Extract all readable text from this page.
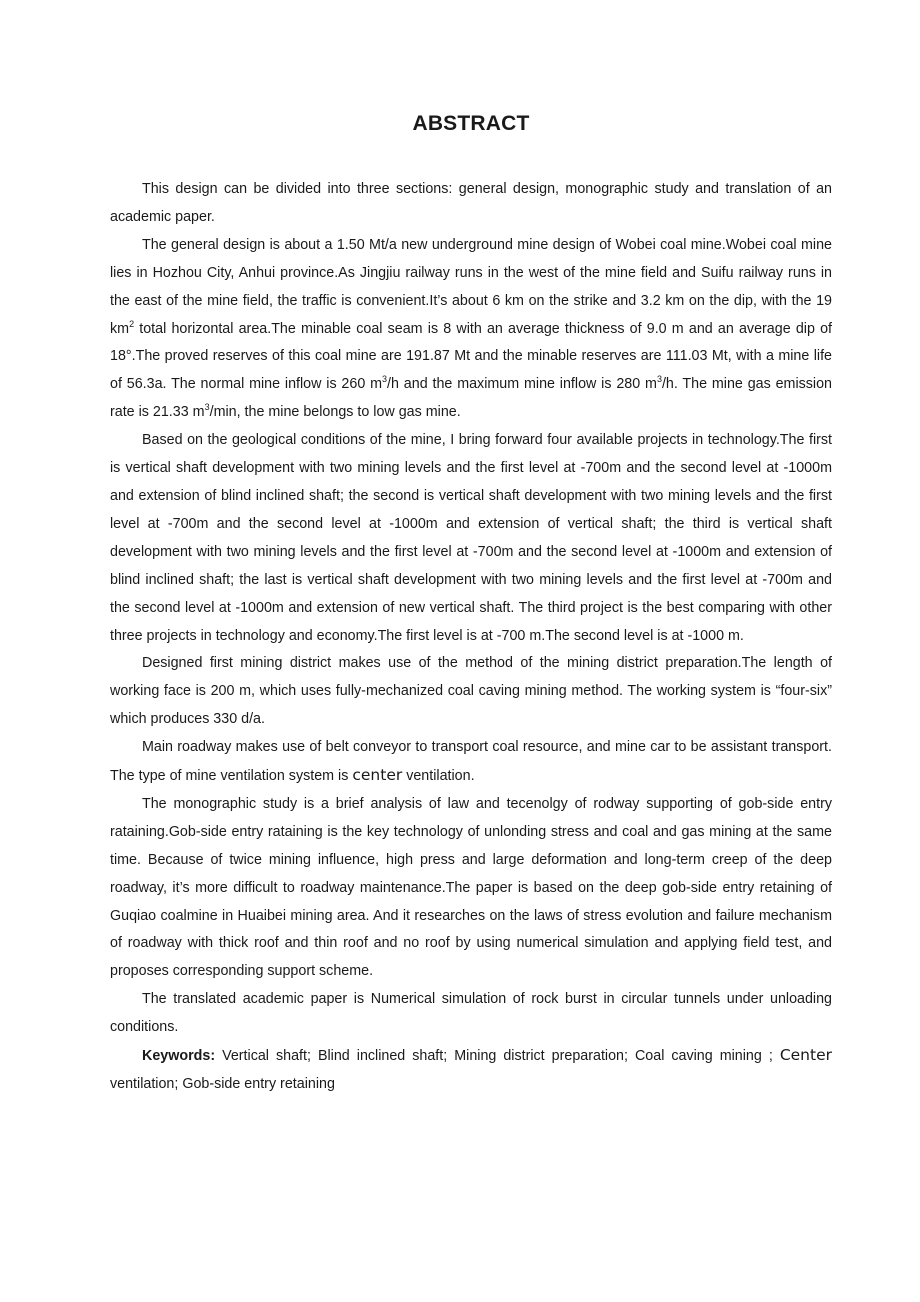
ABSTRACT

This design can be divided into three sections: general design, monographic study and translation of an academic paper.

The general design is about a 1.50 Mt/a new underground mine design of Wobei coal mine.Wobei coal mine lies in Hozhou City, Anhui province.As Jingjiu railway runs in the west of the mine field and Suifu railway runs in the east of the mine field, the traffic is convenient.It’s about 6 km on the strike and 3.2 km on the dip, with the 19 $km^2$ total horizontal area.The minable coal seam is 8 with an average thickness of 9.0 m and an average dip of 18°.The proved reserves of this coal mine are 191.87 Mt and the minable reserves are 111.03 Mt, with a mine life of 56.3a. The normal mine inflow is 260 $m^3/h$ and the maximum mine inflow is 280 $m^3/h$. The mine gas emission rate is 21.33 $m^3/\min$, the mine belongs to low gas mine.

Based on the geological conditions of the mine, I bring forward four available projects in technology.The first is vertical shaft development with two mining levels and the first level at -700m and the second level at -1000m and extension of blind inclined shaft; the second is vertical shaft development with two mining levels and the first level at -700m and the second level at -1000m and extension of vertical shaft; the third is vertical shaft development with two mining levels and the first level at -700m and the second level at -1000m and extension of blind inclined shaft; the last is vertical shaft development with two mining levels and the first level at -700m and the second level at -1000m and extension of new vertical shaft. The third project is the best comparing with other three projects in technology and economy.The first level is at -700 m.The second level is at -1000 m.

Designed first mining district makes use of the method of the mining district preparation.The length of working face is 200 m, which uses fully-mechanized coal caving mining method. The working system is “four-six” which produces 330 d/a.

Main roadway makes use of belt conveyor to transport coal resource, and mine car to be assistant transport. The type of mine ventilation system is center ventilation.

The monographic study is a brief analysis of law and tecenolgy of rodway supporting of gob-side entry rataining.Gob-side entry rataining is the key technology of unlonding stress and coal and gas mining at the same time. Because of twice mining influence, high press and large deformation and long-term creep of the deep roadway, it’s more difficult to roadway maintenance.The paper is based on the deep gob-side entry retaining of Guqiao coalmine in Huaibei mining area. And it researches on the laws of stress evolution and failure mechanism of roadway with thick roof and thin roof and no roof by using numerical simulation and applying field test, and proposes corresponding support scheme.

The translated academic paper is Numerical simulation of rock burst in circular tunnels under unloading conditions.

Keywords: Vertical shaft; Blind inclined shaft; Mining district preparation; Coal caving mining ; Center ventilation; Gob-side entry retaining
